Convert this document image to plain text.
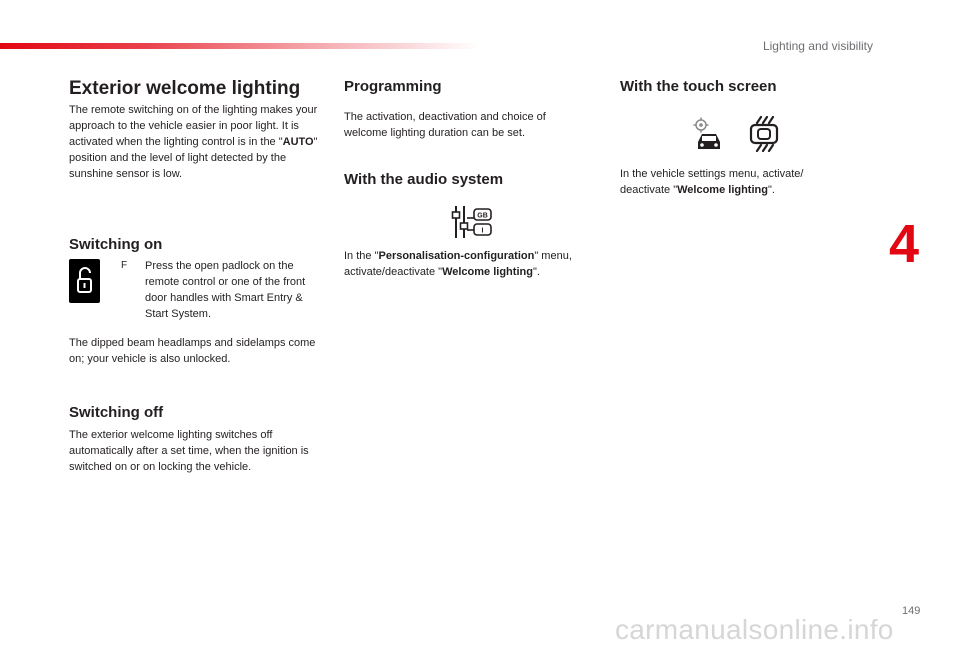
Lighting and visibility
4
149
carmanualsonline.info
Exterior welcome lighting

The remote switching on of the lighting makes your approach to the vehicle easier in poor light. It is activated when the lighting control is in the "AUTO" position and the level of light detected by the sunshine sensor is low.

Switching on

F Press the open padlock on the remote control or one of the front door handles with Smart Entry & Start System.

The dipped beam headlamps and sidelamps come on; your vehicle is also unlocked.

Switching off

The exterior welcome lighting switches off automatically after a set time, when the ignition is switched on or on locking the vehicle.

Programming

The activation, deactivation and choice of welcome lighting duration can be set.

With the audio system
GB
I

In the "Personalisation-configuration" menu, activate/deactivate "Welcome lighting".

With the touch screen

In the vehicle settings menu, activate/ deactivate "Welcome lighting".
